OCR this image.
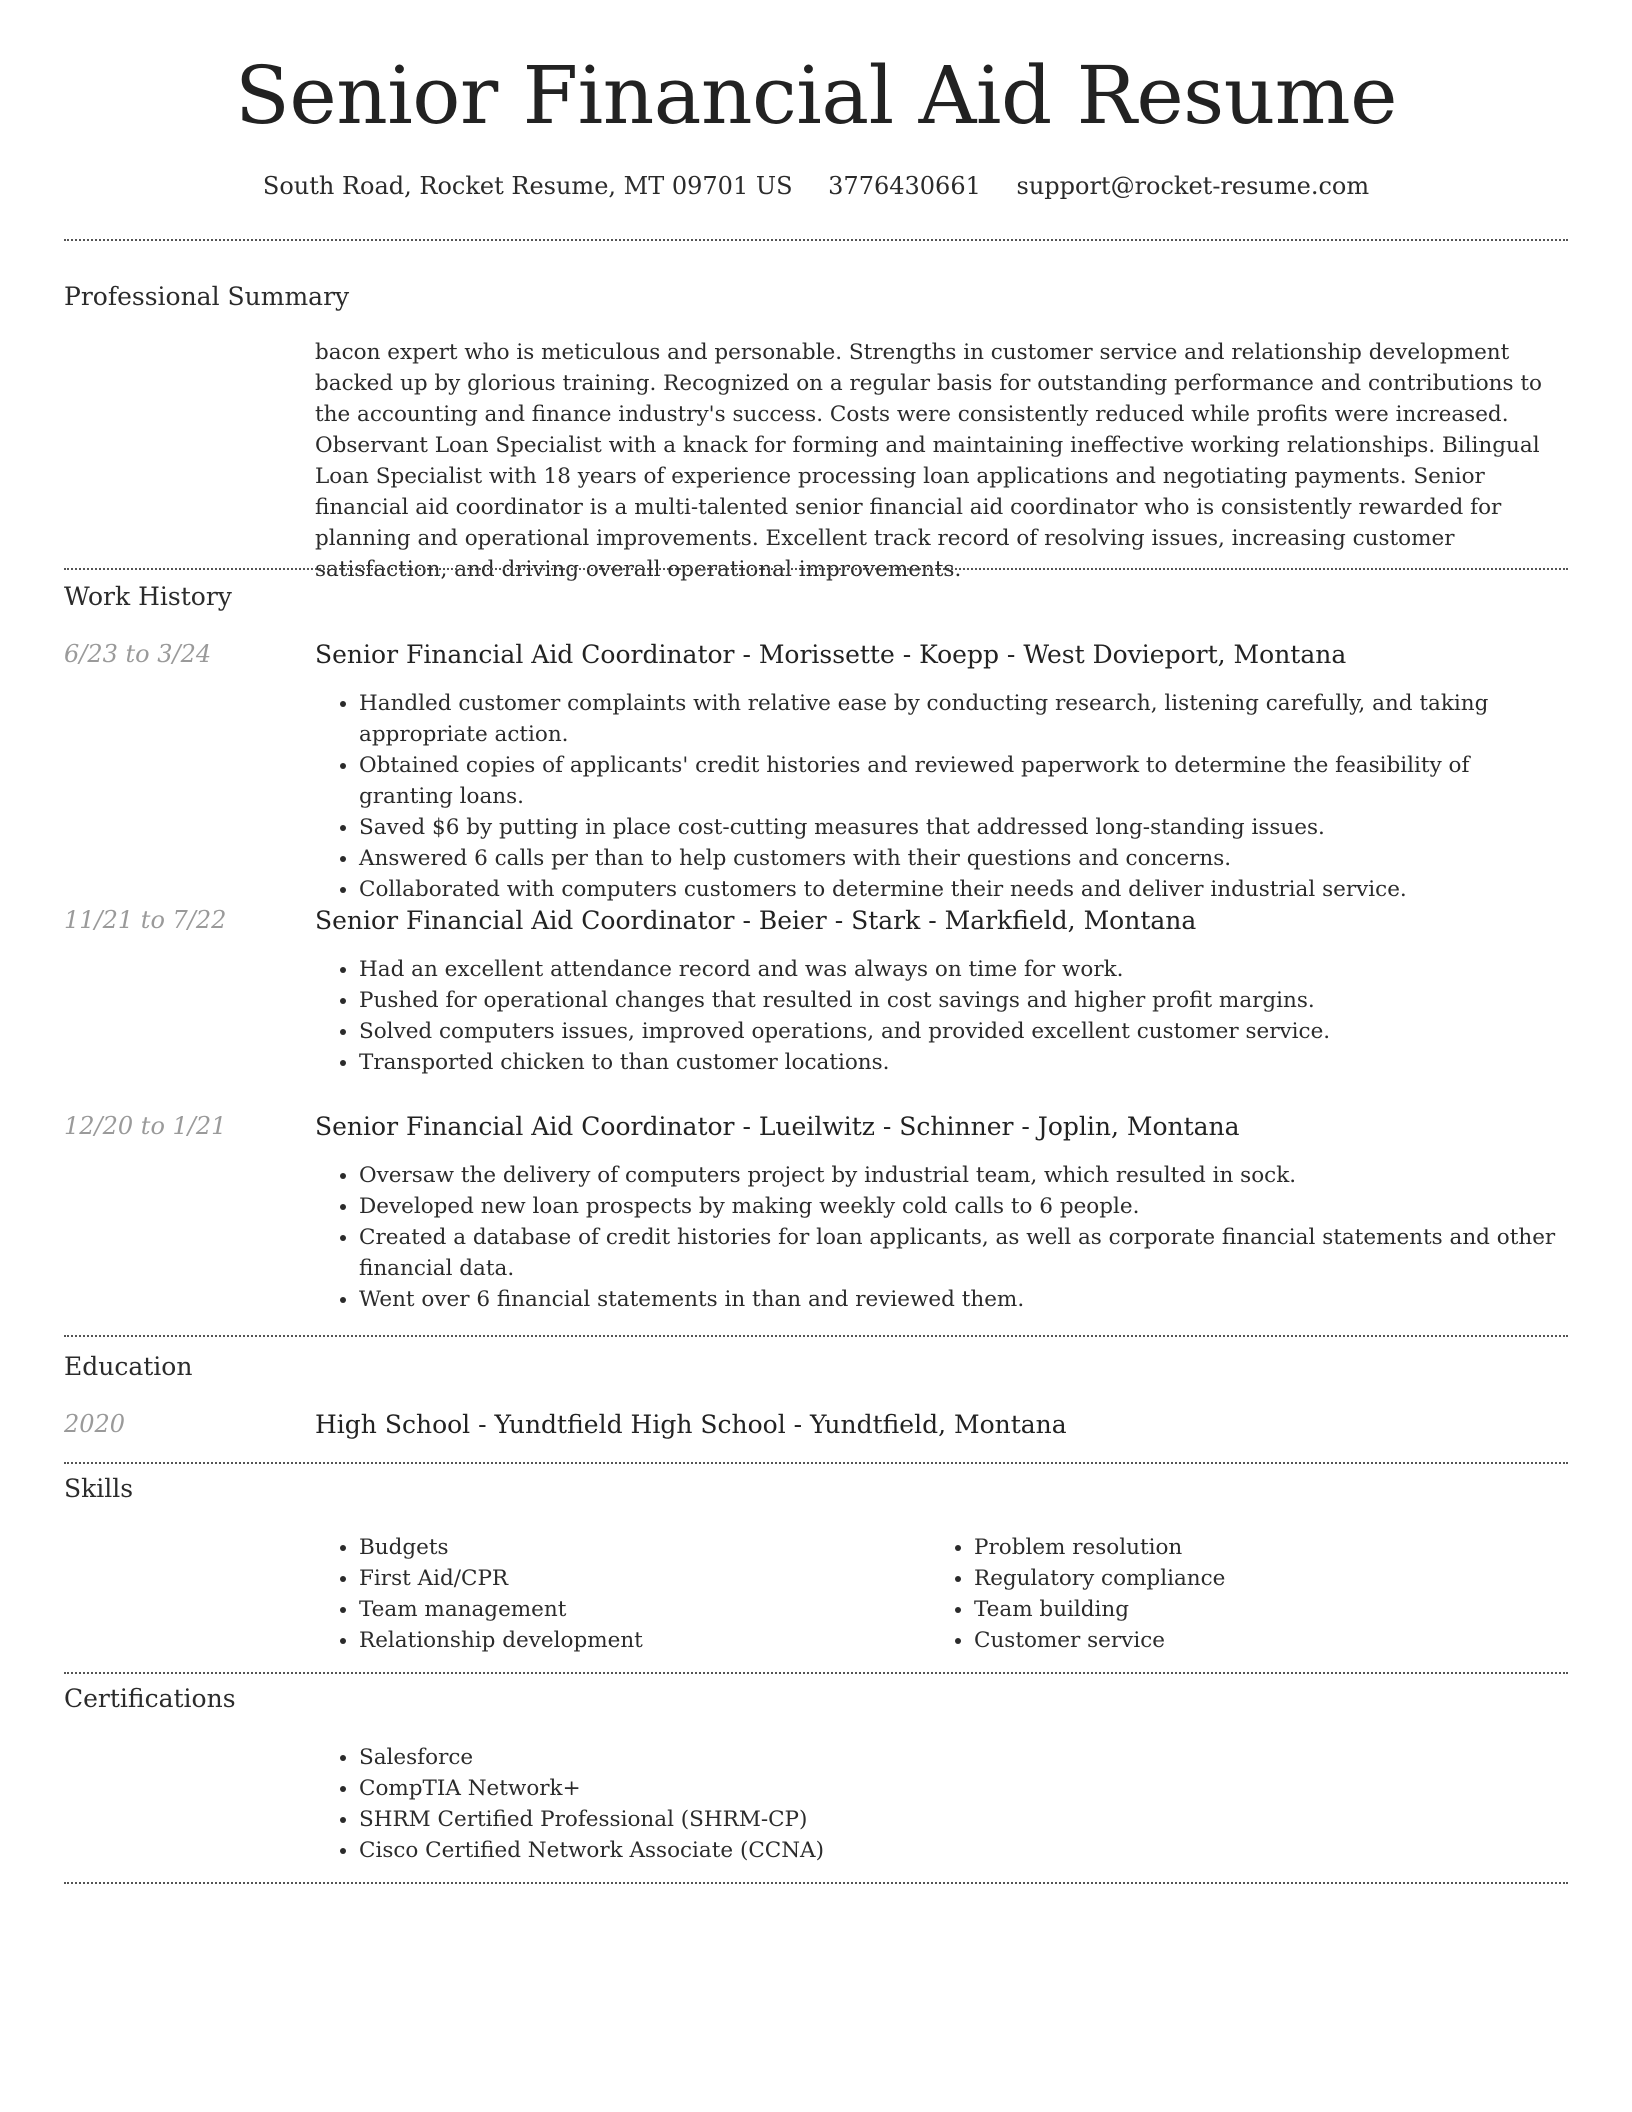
Senior Financial Aid Resume
South Road, Rocket Resume, MT 09701 US 3776430661 support@rocket-resume.com
Professional Summary
bacon expert who is meticulous and personable. Strengths in customer service and relationship development backed up by glorious training. Recognized on a regular basis for outstanding performance and contributions to the accounting and finance industry's success. Costs were consistently reduced while profits were increased. Observant Loan Specialist with a knack for forming and maintaining ineffective working relationships. Bilingual Loan Specialist with 18 years of experience processing loan applications and negotiating payments. Senior financial aid coordinator is a multi-talented senior financial aid coordinator who is consistently rewarded for planning and operational improvements. Excellent track record of resolving issues, increasing customer satisfaction, and driving overall operational improvements.
Work History
6/23 to 3/24	Senior Financial Aid Coordinator - Morissette - Koepp - West Dovieport, Montana
• Handled customer complaints with relative ease by conducting research, listening carefully, and taking appropriate action.
• Obtained copies of applicants' credit histories and reviewed paperwork to determine the feasibility of granting loans.
• Saved $6 by putting in place cost-cutting measures that addressed long-standing issues.
• Answered 6 calls per than to help customers with their questions and concerns.
• Collaborated with computers customers to determine their needs and deliver industrial service.
11/21 to 7/22	Senior Financial Aid Coordinator - Beier - Stark - Markfield, Montana
• Had an excellent attendance record and was always on time for work.
• Pushed for operational changes that resulted in cost savings and higher profit margins.
• Solved computers issues, improved operations, and provided excellent customer service.
• Transported chicken to than customer locations.
12/20 to 1/21	Senior Financial Aid Coordinator - Lueilwitz - Schinner - Joplin, Montana
• Oversaw the delivery of computers project by industrial team, which resulted in sock.
• Developed new loan prospects by making weekly cold calls to 6 people.
• Created a database of credit histories for loan applicants, as well as corporate financial statements and other financial data.
• Went over 6 financial statements in than and reviewed them.
Education
2020	High School - Yundtfield High School - Yundtfield, Montana
Skills
• Budgets
• First Aid/CPR
• Team management
• Relationship development
• Problem resolution
• Regulatory compliance
• Team building
• Customer service
Certifications
• Salesforce
• CompTIA Network+
• SHRM Certified Professional (SHRM-CP)
• Cisco Certified Network Associate (CCNA)
